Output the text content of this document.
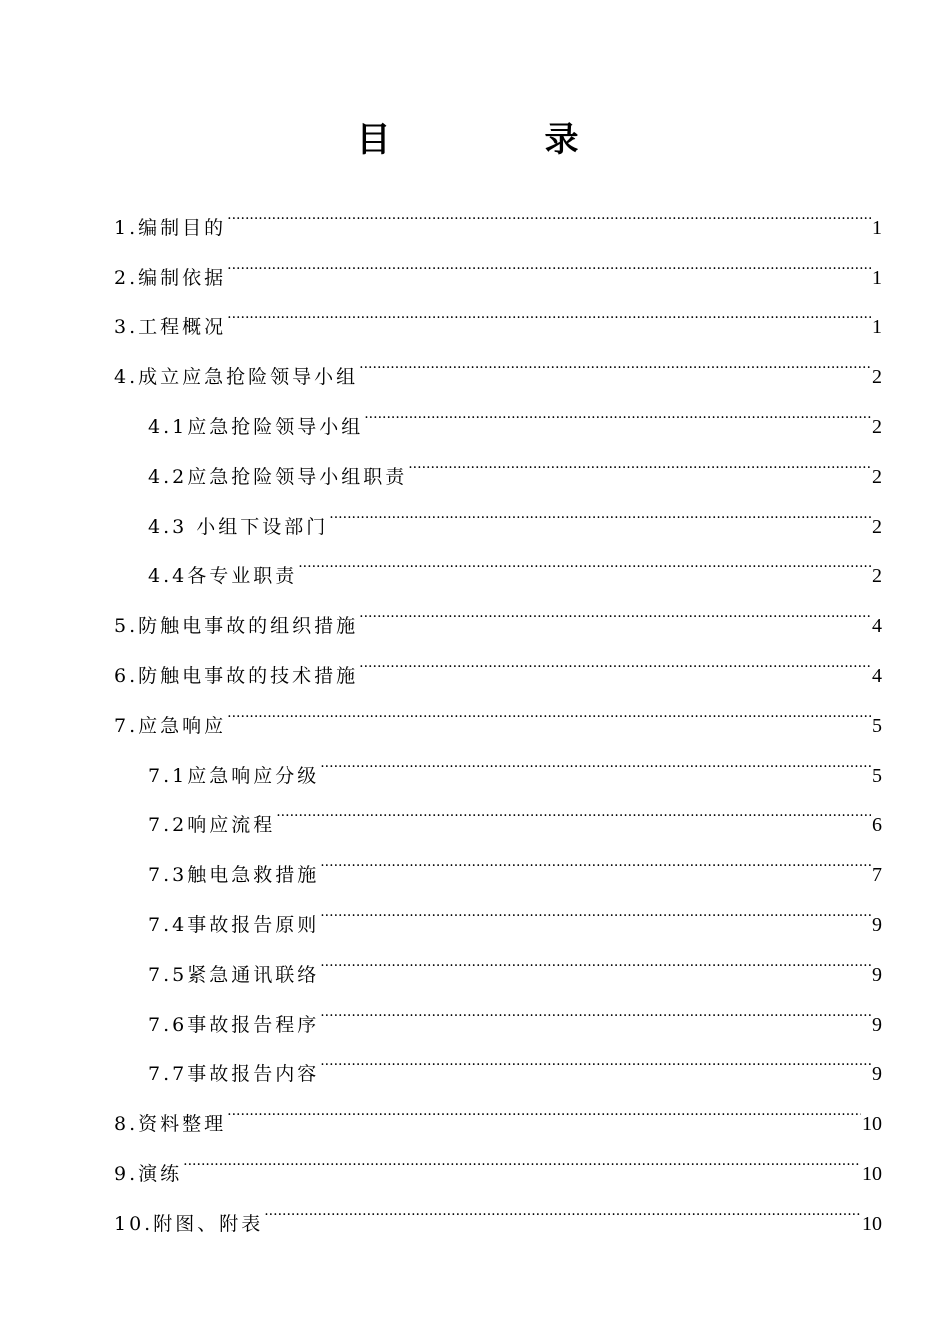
目　录
1.编制目的 .....	1
2.编制依据 .....	1
3.工程概况 .....	1
4.成立应急抢险领导小组 .....	2
4.1应急抢险领导小组 .....	2
4.2应急抢险领导小组职责 .....	2
4.3 小组下设部门 .....	2
4.4各专业职责 .....	2
5.防触电事故的组织措施 .....	4
6.防触电事故的技术措施 .....	4
7.应急响应 .....	5
7.1应急响应分级 .....	5
7.2响应流程 .....	6
7.3触电急救措施 .....	7
7.4事故报告原则 .....	9
7.5紧急通讯联络 .....	9
7.6事故报告程序 .....	9
7.7事故报告内容 .....	9
8.资料整理 .....	10
9.演练 .....	10
10.附图、附表 .....	10
